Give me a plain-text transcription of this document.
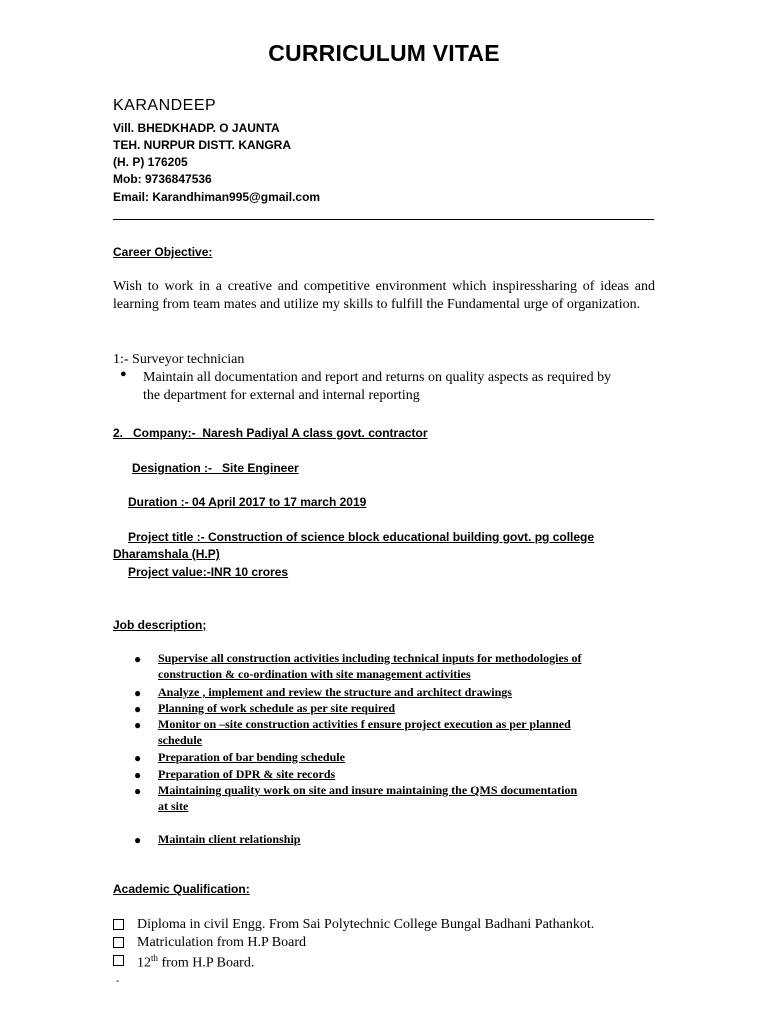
CURRICULUM VITAE
KARANDEEP
Vill. BHEDKHADP. O JAUNTA
TEH. NURPUR DISTT. KANGRA
(H. P) 176205
Mob: 9736847536
Email: Karandhiman995@gmail.com
Career Objective:
Wish to work in a creative and competitive environment which inspiressharing of ideas and learning from team mates and utilize my skills to fulfill the Fundamental urge of organization.
1:- Surveyor technician
● Maintain all documentation and report and returns on quality aspects as required by
the department for external and internal reporting
2.   Company:-  Naresh Padiyal A class govt. contractor
Designation :-   Site Engineer
Duration :- 04 April 2017 to 17 march 2019
Project title :- Construction of science block educational building govt. pg college
Dharamshala (H.P)
Project value:-INR 10 crores
Job description;
● Supervise all construction activities including technical inputs for methodologies of
construction & co-ordination with site management activities
● Analyze , implement and review the structure and architect drawings
● Planning of work schedule as per site required
● Monitor on –site construction activities f ensure project execution as per planned
schedule
● Preparation of bar bending schedule
● Preparation of DPR & site records
● Maintaining quality work on site and insure maintaining the QMS documentation
at site
● Maintain client relationship
Academic Qualification:
Diploma in civil Engg. From Sai Polytechnic College Bungal Badhani Pathankot.
Matriculation from H.P Board
12th from H.P Board.
-
